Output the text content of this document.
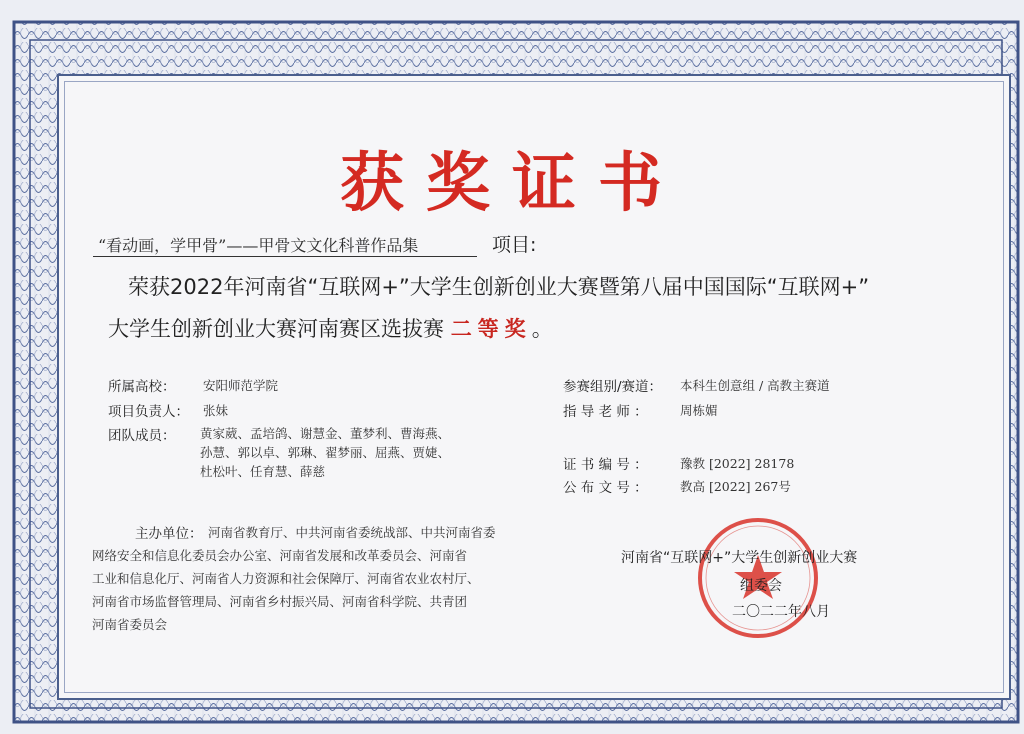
获奖证书
“看动画，学甲骨”——甲骨文文化科普作品集	项目:
荣获2022年河南省“互联网+”大学生创新创业大赛暨第八届中国国际“互联网+”
大学生创新创业大赛河南赛区选拔赛 二等奖。
所属高校： 安阳师范学院
项目负责人： 张妹
团队成员： 黄家葳、孟培鸽、谢慧金、董梦利、曹海燕、
孙慧、郭以卓、郭琳、翟梦丽、屈燕、贾婕、
杜松叶、任育慧、薛慈
参赛组别/赛道： 本科生创意组 / 高教主赛道
指 导 老 师 ：	周栋媚
证 书 编 号 ：	豫教 [2022] 28178
公 布 文 号 ：	教高 [2022] 267号
主办单位： 河南省教育厅、中共河南省委统战部、中共河南省委
网络安全和信息化委员会办公室、河南省发展和改革委员会、河南省
工业和信息化厅、河南省人力资源和社会保障厅、河南省农业农村厅、
河南省市场监督管理局、河南省乡村振兴局、河南省科学院、共青团
河南省委员会
河南省“互联网+”大学生创新创业大赛
组委会
二〇二二年八月
